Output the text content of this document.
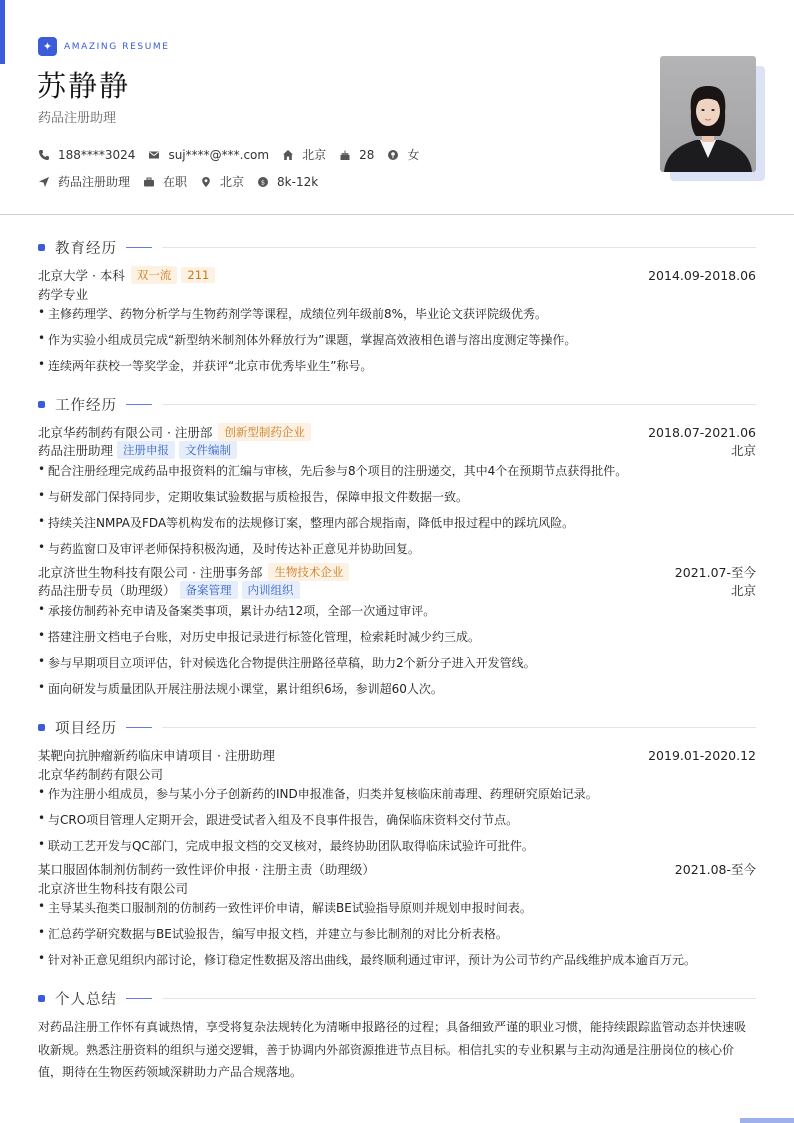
✦	AMAZING RESUME
苏静静
药品注册助理
188****3024	suj****@***.com	北京	28	女
药品注册助理	在职	北京	$ 8k-12k
教育经历
北京大学 · 本科	双一流	211	2014.09-2018.06
药学专业
• 主修药理学、药物分析学与生物药剂学等课程，成绩位列年级前8%，毕业论文获评院级优秀。
• 作为实验小组成员完成“新型纳米制剂体外释放行为”课题，掌握高效液相色谱与溶出度测定等操作。
• 连续两年获校一等奖学金，并获评“北京市优秀毕业生”称号。
工作经历
北京华药制药有限公司 · 注册部	创新型制药企业	2018.07-2021.06
药品注册助理 注册申报	文件编制	北京
• 配合注册经理完成药品申报资料的汇编与审核，先后参与8个项目的注册递交，其中4个在预期节点获得批件。
• 与研发部门保持同步，定期收集试验数据与质检报告，保障申报文件数据一致。
• 持续关注NMPA及FDA等机构发布的法规修订案，整理内部合规指南，降低申报过程中的踩坑风险。
• 与药监窗口及审评老师保持积极沟通，及时传达补正意见并协助回复。
北京济世生物科技有限公司 · 注册事务部	生物技术企业	2021.07-至今
药品注册专员（助理级） 备案管理	内训组织	北京
• 承接仿制药补充申请及备案类事项，累计办结12项，全部一次通过审评。
• 搭建注册文档电子台账，对历史申报记录进行标签化管理，检索耗时减少约三成。
• 参与早期项目立项评估，针对候选化合物提供注册路径草稿，助力2个新分子进入开发管线。
• 面向研发与质量团队开展注册法规小课堂，累计组织6场，参训超60人次。
项目经历
某靶向抗肿瘤新药临床申请项目 · 注册助理	2019.01-2020.12
北京华药制药有限公司
• 作为注册小组成员，参与某小分子创新药的IND申报准备，归类并复核临床前毒理、药理研究原始记录。
• 与CRO项目管理人定期开会，跟进受试者入组及不良事件报告，确保临床资料交付节点。
• 联动工艺开发与QC部门，完成申报文档的交叉核对，最终协助团队取得临床试验许可批件。
某口服固体制剂仿制药一致性评价申报 · 注册主责（助理级）	2021.08-至今
北京济世生物科技有限公司
• 主导某头孢类口服制剂的仿制药一致性评价申请，解读BE试验指导原则并规划申报时间表。
• 汇总药学研究数据与BE试验报告，编写申报文档，并建立与参比制剂的对比分析表格。
• 针对补正意见组织内部讨论，修订稳定性数据及溶出曲线，最终顺利通过审评，预计为公司节约产品线维护成本逾百万元。
个人总结
对药品注册工作怀有真诚热情，享受将复杂法规转化为清晰申报路径的过程；具备细致严谨的职业习惯，能持续跟踪监管动态并快速吸收新规。熟悉注册资料的组织与递交逻辑，善于协调内外部资源推进节点目标。相信扎实的专业积累与主动沟通是注册岗位的核心价值，期待在生物医药领域深耕助力产品合规落地。
